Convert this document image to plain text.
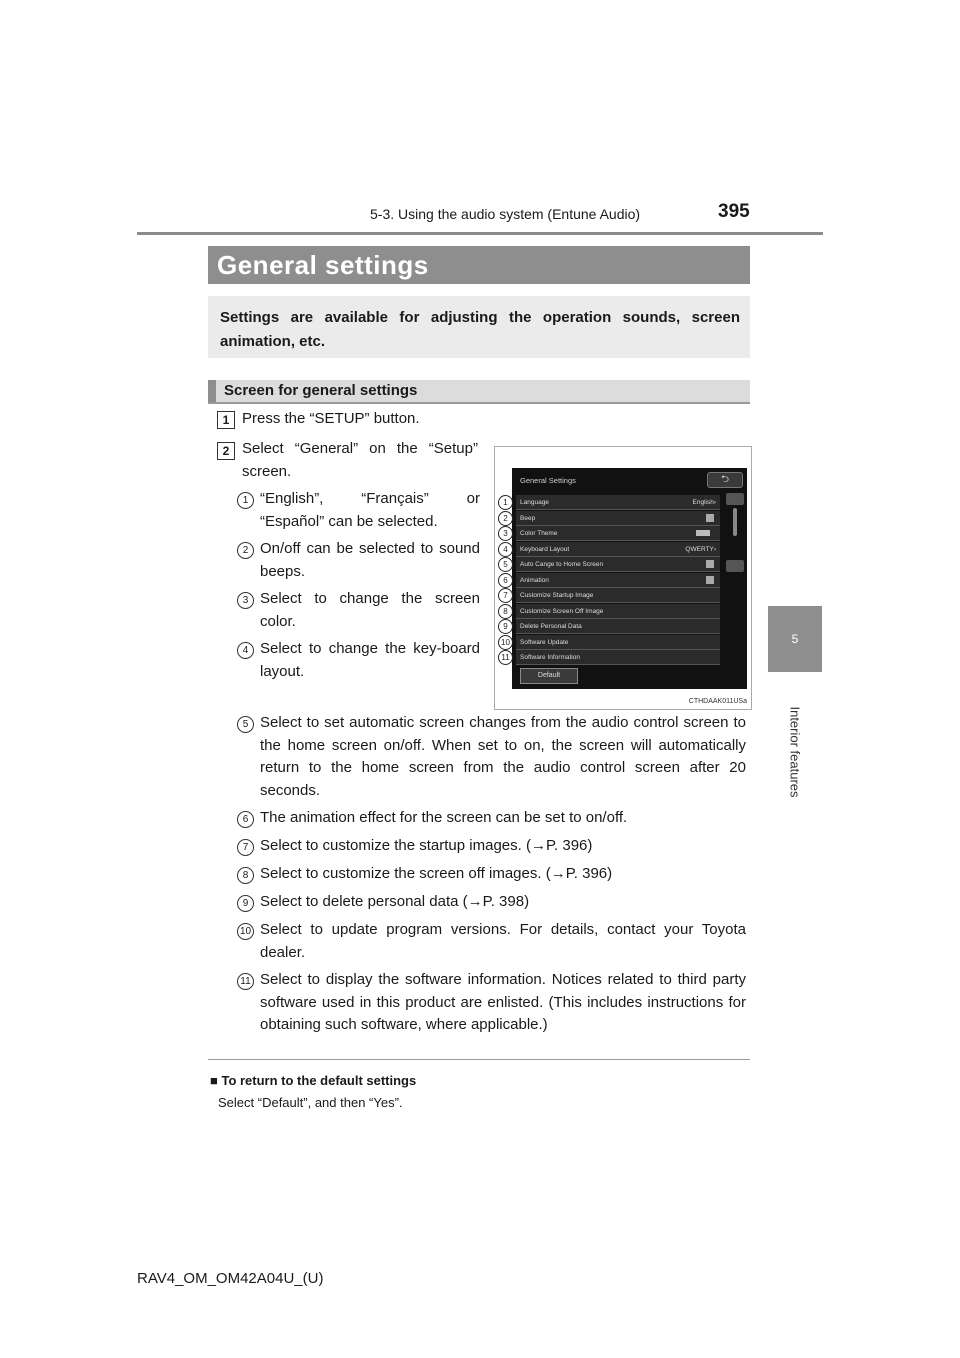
395
5-3. Using the audio system (Entune Audio)
5
Interior features
General settings
Settings are available for adjusting the operation sounds, screen animation, etc.
Screen for general settings
1 Press the “SETUP” button.
2 Select “General” on the “Setup” screen.
1 “English”, “Français” or “Español” can be selected.
2 On/off can be selected to sound beeps.
3 Select to change the screen color.
4 Select to change the key-board layout.
5 Select to set automatic screen changes from the audio control screen to the home screen on/off. When set to on, the screen will automatically return to the home screen from the audio control screen after 20 seconds.
6 The animation effect for the screen can be set to on/off.
7 Select to customize the startup images. (→P. 396)
8 Select to customize the screen off images. (→P. 396)
9 Select to delete personal data (→P. 398)
10 Select to update program versions. For details, contact your Toyota dealer.
11 Select to display the software information. Notices related to third party software used in this product are enlisted. (This includes instructions for obtaining such software, where applicable.)
General Settings	⮌
Language	English›
Beep
Color Theme
Keyboard Layout	QWERTY›
Auto Cange to Home Screen
Animation
Customize Startup Image
Customize Screen Off Image
Delete Personal Data
Software Update
Software Information
Default
1
2
3
4
5
6
7
8
9
10
11
CTHDAAK011USa
■ To return to the default settings
Select “Default”, and then “Yes”.
RAV4_OM_OM42A04U_(U)
